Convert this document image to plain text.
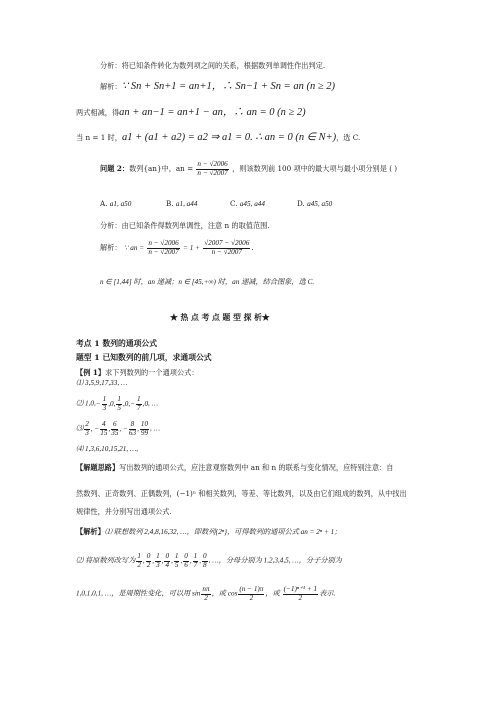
分析：将已知条件转化为数列项之间的关系，根据数列单调性作出判定.
解析：∵ Sn + Sn+1 = an+1，∴ Sn−1 + Sn = an (n ≥ 2)
两式相减，得an + an−1 = an+1 − an，∴ an = 0 (n ≥ 2)
当 n = 1 时，a1 + (a1 + a2) = a2 ⇒ a1 = 0. ∴ an = 0 (n ∈ N+)，选 C.
问题 2：数列{an}中，an = $\frac{n - √2006}{n - √2007}$ ，则该数列前 100 项中的最大项与最小项分别是 ( )
A. a1, a50	B. a1, a44	C. a45, a44	D. a45, a50
分析：由已知条件得数列单调性，注意 n 的取值范围.
解析： ∵ an = $\frac{n - √2006}{n - √2007} = 1 + \frac{√2007 - √2006}{n - √2007}$ .
n ∈ [1,44] 时，an 递减；n ∈ [45,+∞) 时，an 递减，结合图象，选 C.
★ 热 点 考 点 题 型 探 析★
考点 1 数列的通项公式
题型 1 已知数列的前几项，求通项公式
【例 1】求下列数列的一个通项公式：
⑴ 3,5,9,17,33, …
⑵ $1,0,- \frac{1}{3} ,0$, $\frac{1}{5} ,0,- \frac{1}{7} ,0$, …
⑶ $\frac{2}{3}$ , − $\frac{4}{15}$ , $\frac{6}{35}$ , − $\frac{8}{63}$ , $\frac{10}{99}$ , …
⑷ 1,3,6,10,15,21, …,
【解题思路】写出数列的通项公式，应注意观察数列中 an 和 n 的联系与变化情况，应特别注意：自
然数列、正奇数列、正偶数列，(−1)ⁿ 和相关数列，等差、等比数列，以及由它们组成的数列，从中找出
规律性，并分别写出通项公式.
【解析】⑴ 联想数列 2,4,8,16,32, …，即数列{2ⁿ}，可得数列的通项公式 an = 2ⁿ + 1；
⑵ 将原数列改写为 $\frac{1}{2}$ , $\frac{0}{2}$ , $\frac{1}{3}$ , $\frac{0}{4}$ , $\frac{1}{5}$ , $\frac{0}{6}$ , $\frac{1}{7}$ , $\frac{0}{8}$ , …，分母分别为 1,2,3,4,5, …，分子分别为
1,0,1,0,1, …，是周期性变化，可以用 $\sin \frac{n\pi}{2}$ ，或 $\cos \frac{(n - 1)\pi}{2}$ ，或 $\frac{\text{(−1)ⁿ⁺¹ + 1}}{2}$ 表示.
